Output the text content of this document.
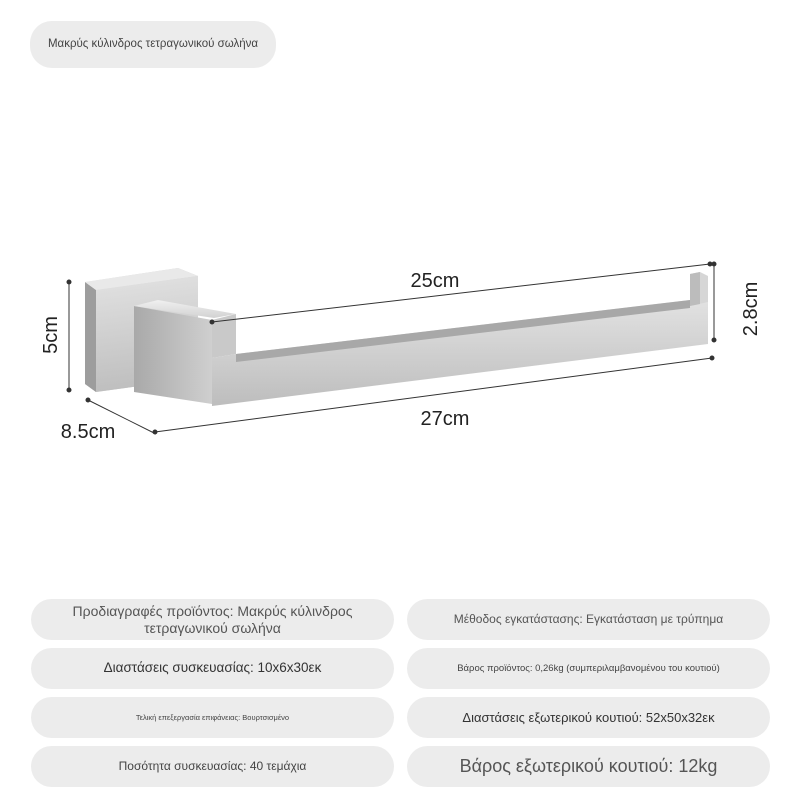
Μακρύς κύλινδρος τετραγωνικού σωλήνα
25cm
27cm
8.5cm
5cm	2.8cm
Προδιαγραφές προϊόντος: Μακρύς κύλινδρος τετραγωνικού σωλήνα
Μέθοδος εγκατάστασης: Εγκατάσταση με τρύπημα
Διαστάσεις συσκευασίας: 10x6x30εκ	Βάρος προϊόντος: 0,26kg (συμπεριλαμβανομένου του κουτιού)
Τελική επεξεργασία επιφάνειας: Βουρτσισμένο	Διαστάσεις εξωτερικού κουτιού: 52x50x32εκ
Ποσότητα συσκευασίας: 40 τεμάχια	Βάρος εξωτερικού κουτιού: 12kg
